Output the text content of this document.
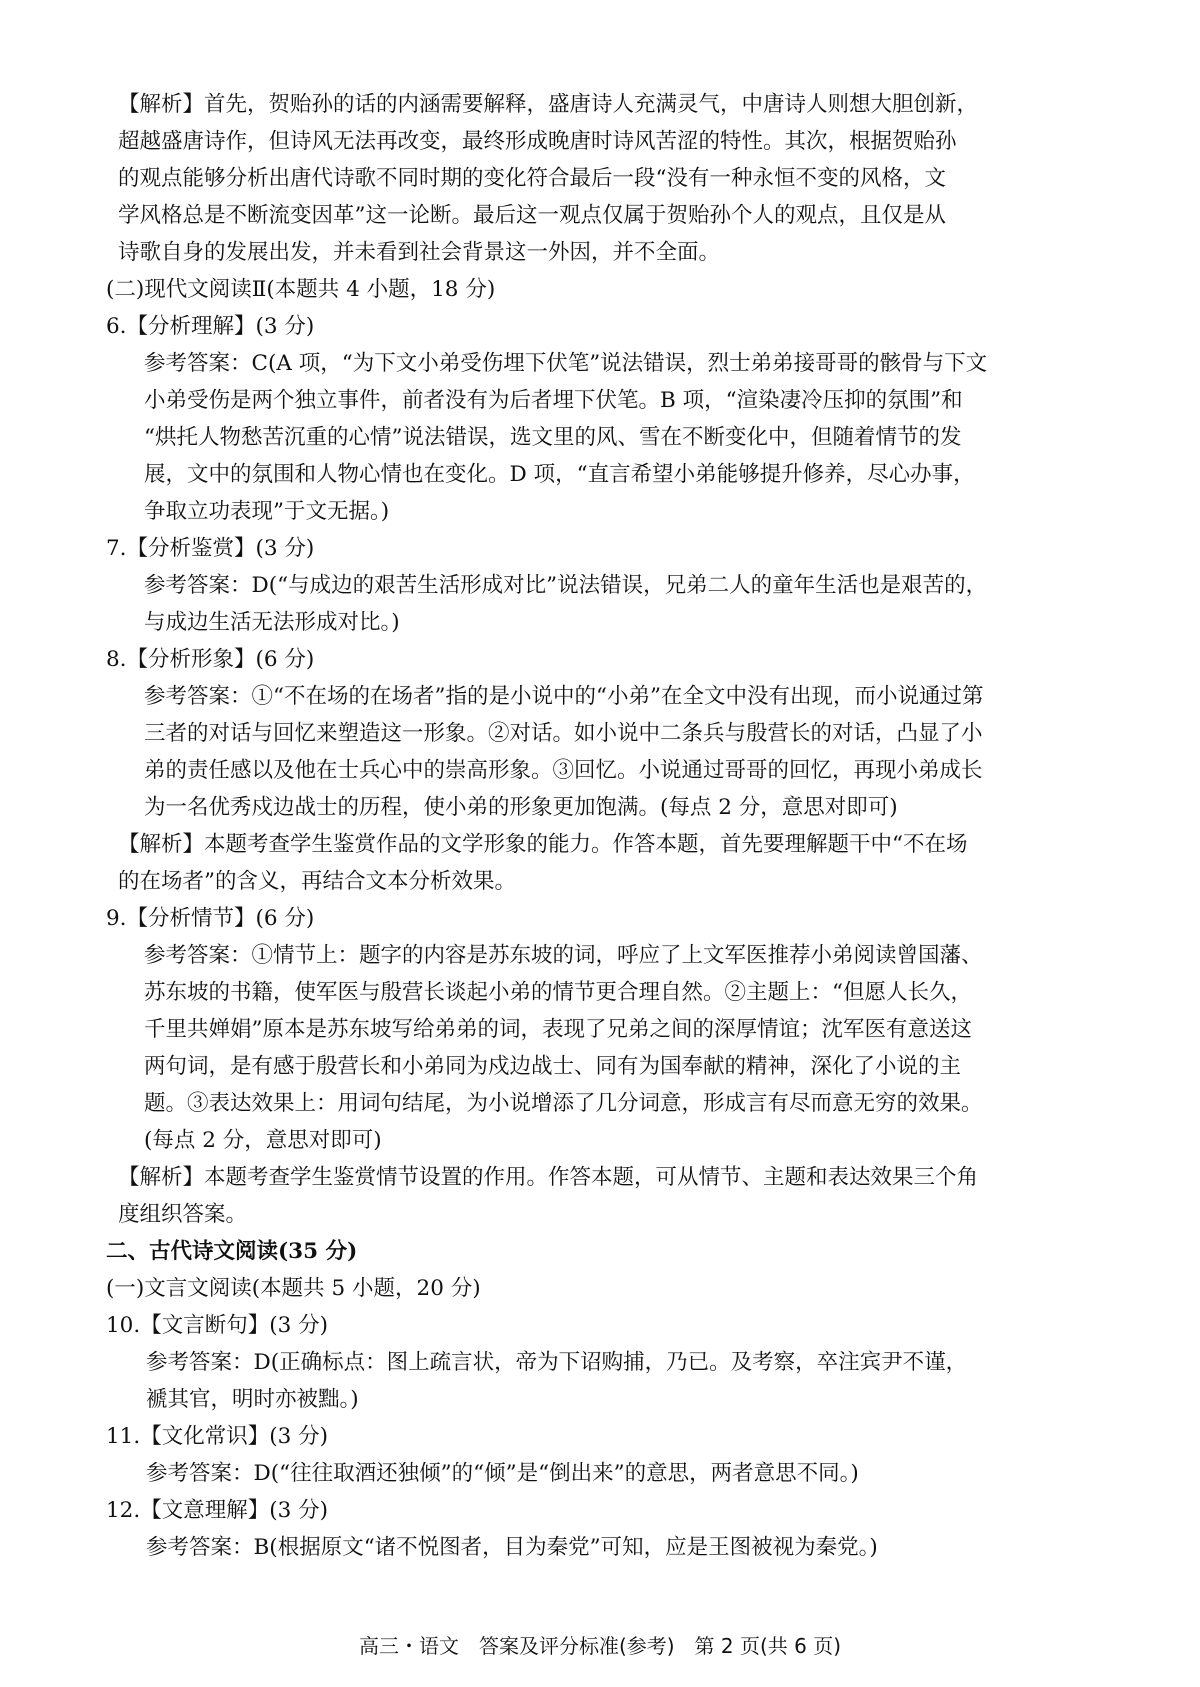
【解析】首先，贺贻孙的话的内涵需要解释，盛唐诗人充满灵气，中唐诗人则想大胆创新，
超越盛唐诗作，但诗风无法再改变，最终形成晚唐时诗风苦涩的特性。其次，根据贺贻孙
的观点能够分析出唐代诗歌不同时期的变化符合最后一段“没有一种永恒不变的风格，文
学风格总是不断流变因革”这一论断。最后这一观点仅属于贺贻孙个人的观点，且仅是从
诗歌自身的发展出发，并未看到社会背景这一外因，并不全面。
(二)现代文阅读Ⅱ(本题共 4 小题，18 分)
6.【分析理解】(3 分)
参考答案：C(A 项，“为下文小弟受伤埋下伏笔”说法错误，烈士弟弟接哥哥的骸骨与下文
小弟受伤是两个独立事件，前者没有为后者埋下伏笔。B 项，“渲染凄冷压抑的氛围”和
“烘托人物愁苦沉重的心情”说法错误，选文里的风、雪在不断变化中，但随着情节的发
展，文中的氛围和人物心情也在变化。D 项，“直言希望小弟能够提升修养，尽心办事，
争取立功表现”于文无据。)
7.【分析鉴赏】(3 分)
参考答案：D(“与成边的艰苦生活形成对比”说法错误，兄弟二人的童年生活也是艰苦的，
与成边生活无法形成对比。)
8.【分析形象】(6 分)
参考答案：①“不在场的在场者”指的是小说中的“小弟”在全文中没有出现，而小说通过第
三者的对话与回忆来塑造这一形象。②对话。如小说中二条兵与殷营长的对话，凸显了小
弟的责任感以及他在士兵心中的崇高形象。③回忆。小说通过哥哥的回忆，再现小弟成长
为一名优秀戍边战士的历程，使小弟的形象更加饱满。(每点 2 分，意思对即可)
【解析】本题考查学生鉴赏作品的文学形象的能力。作答本题，首先要理解题干中“不在场
的在场者”的含义，再结合文本分析效果。
9.【分析情节】(6 分)
参考答案：①情节上：题字的内容是苏东坡的词，呼应了上文军医推荐小弟阅读曾国藩、
苏东坡的书籍，使军医与殷营长谈起小弟的情节更合理自然。②主题上：“但愿人长久，
千里共婵娟”原本是苏东坡写给弟弟的词，表现了兄弟之间的深厚情谊；沈军医有意送这
两句词，是有感于殷营长和小弟同为戍边战士、同有为国奉献的精神，深化了小说的主
题。③表达效果上：用词句结尾，为小说增添了几分词意，形成言有尽而意无穷的效果。
(每点 2 分，意思对即可)
【解析】本题考查学生鉴赏情节设置的作用。作答本题，可从情节、主题和表达效果三个角
度组织答案。
二、古代诗文阅读(35 分)
(一)文言文阅读(本题共 5 小题，20 分)
10.【文言断句】(3 分)
参考答案：D(正确标点：图上疏言状，帝为下诏购捕，乃已。及考察，卒注宾尹不谨，
褫其官，明时亦被黜。)
11.【文化常识】(3 分)
参考答案：D(“往往取酒还独倾”的“倾”是“倒出来”的意思，两者意思不同。)
12.【文意理解】(3 分)
参考答案：B(根据原文“诸不悦图者，目为秦党”可知，应是王图被视为秦党。)
高三・语文　答案及评分标准(参考)　第 2 页(共 6 页)
